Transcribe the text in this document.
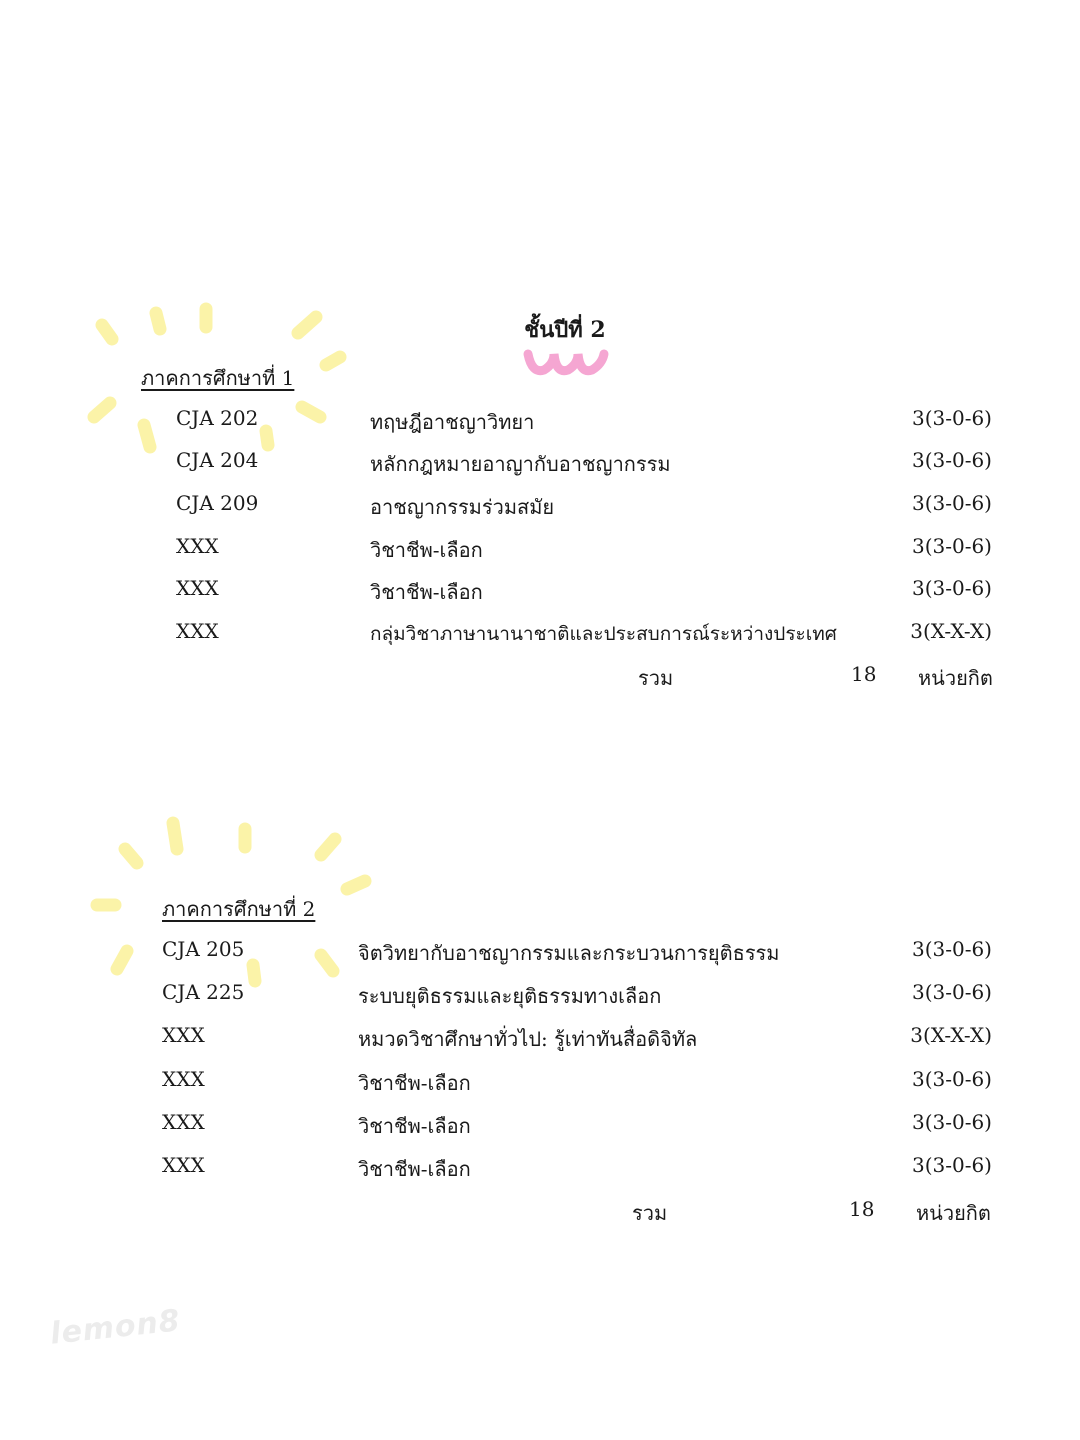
ชั้นปีที่ 2
ภาคการศึกษาที่ 1
CJA 202	ทฤษฎีอาชญาวิทยา	3(3-0-6)
CJA 204	หลักกฎหมายอาญากับอาชญากรรม	3(3-0-6)
CJA 209	อาชญากรรมร่วมสมัย	3(3-0-6)
XXX	วิชาชีพ-เลือก	3(3-0-6)
XXX	วิชาชีพ-เลือก	3(3-0-6)
XXX	กลุ่มวิชาภาษานานาชาติและประสบการณ์ระหว่างประเทศ	3(X-X-X)
รวม	18 หน่วยกิต
ภาคการศึกษาที่ 2
CJA 205	จิตวิทยากับอาชญากรรมและกระบวนการยุติธรรม	3(3-0-6)
CJA 225	ระบบยุติธรรมและยุติธรรมทางเลือก	3(3-0-6)
XXX	หมวดวิชาศึกษาทั่วไป: รู้เท่าทันสื่อดิจิทัล	3(X-X-X)
XXX	วิชาชีพ-เลือก	3(3-0-6)
XXX	วิชาชีพ-เลือก	3(3-0-6)
XXX	วิชาชีพ-เลือก	3(3-0-6)
รวม	18 หน่วยกิต
lemon8
